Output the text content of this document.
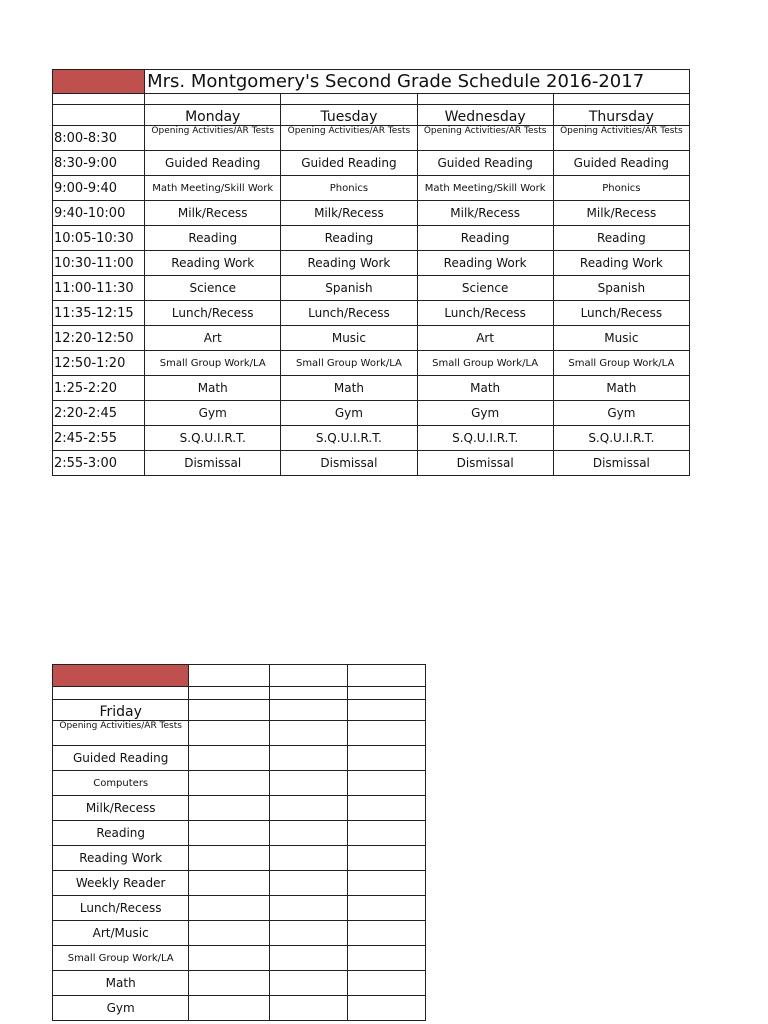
	Mrs. Montgomery's Second Grade Schedule 2016-2017			

	Monday	Tuesday	Wednesday	Thursday
8:00-8:30	Opening Activities/AR Tests	Opening Activities/AR Tests	Opening Activities/AR Tests	Opening Activities/AR Tests
8:30-9:00	Guided Reading	Guided Reading	Guided Reading	Guided Reading
9:00-9:40	Math Meeting/Skill Work	Phonics	Math Meeting/Skill Work	Phonics
9:40-10:00	Milk/Recess	Milk/Recess	Milk/Recess	Milk/Recess
10:05-10:30	Reading	Reading	Reading	Reading
10:30-11:00	Reading Work	Reading Work	Reading Work	Reading Work
11:00-11:30	Science	Spanish	Science	Spanish
11:35-12:15	Lunch/Recess	Lunch/Recess	Lunch/Recess	Lunch/Recess
12:20-12:50	Art	Music	Art	Music
12:50-1:20	Small Group Work/LA	Small Group Work/LA	Small Group Work/LA	Small Group Work/LA
1:25-2:20	Math	Math	Math	Math
2:20-2:45	Gym	Gym	Gym	Gym
2:45-2:55	S.Q.U.I.R.T.	S.Q.U.I.R.T.	S.Q.U.I.R.T.	S.Q.U.I.R.T.
2:55-3:00	Dismissal	Dismissal	Dismissal	Dismissal

Friday			
Opening Activities/AR Tests			
Guided Reading			
Computers			
Milk/Recess			
Reading			
Reading Work			
Weekly Reader			
Lunch/Recess			
Art/Music			
Small Group Work/LA			
Math			
Gym			
